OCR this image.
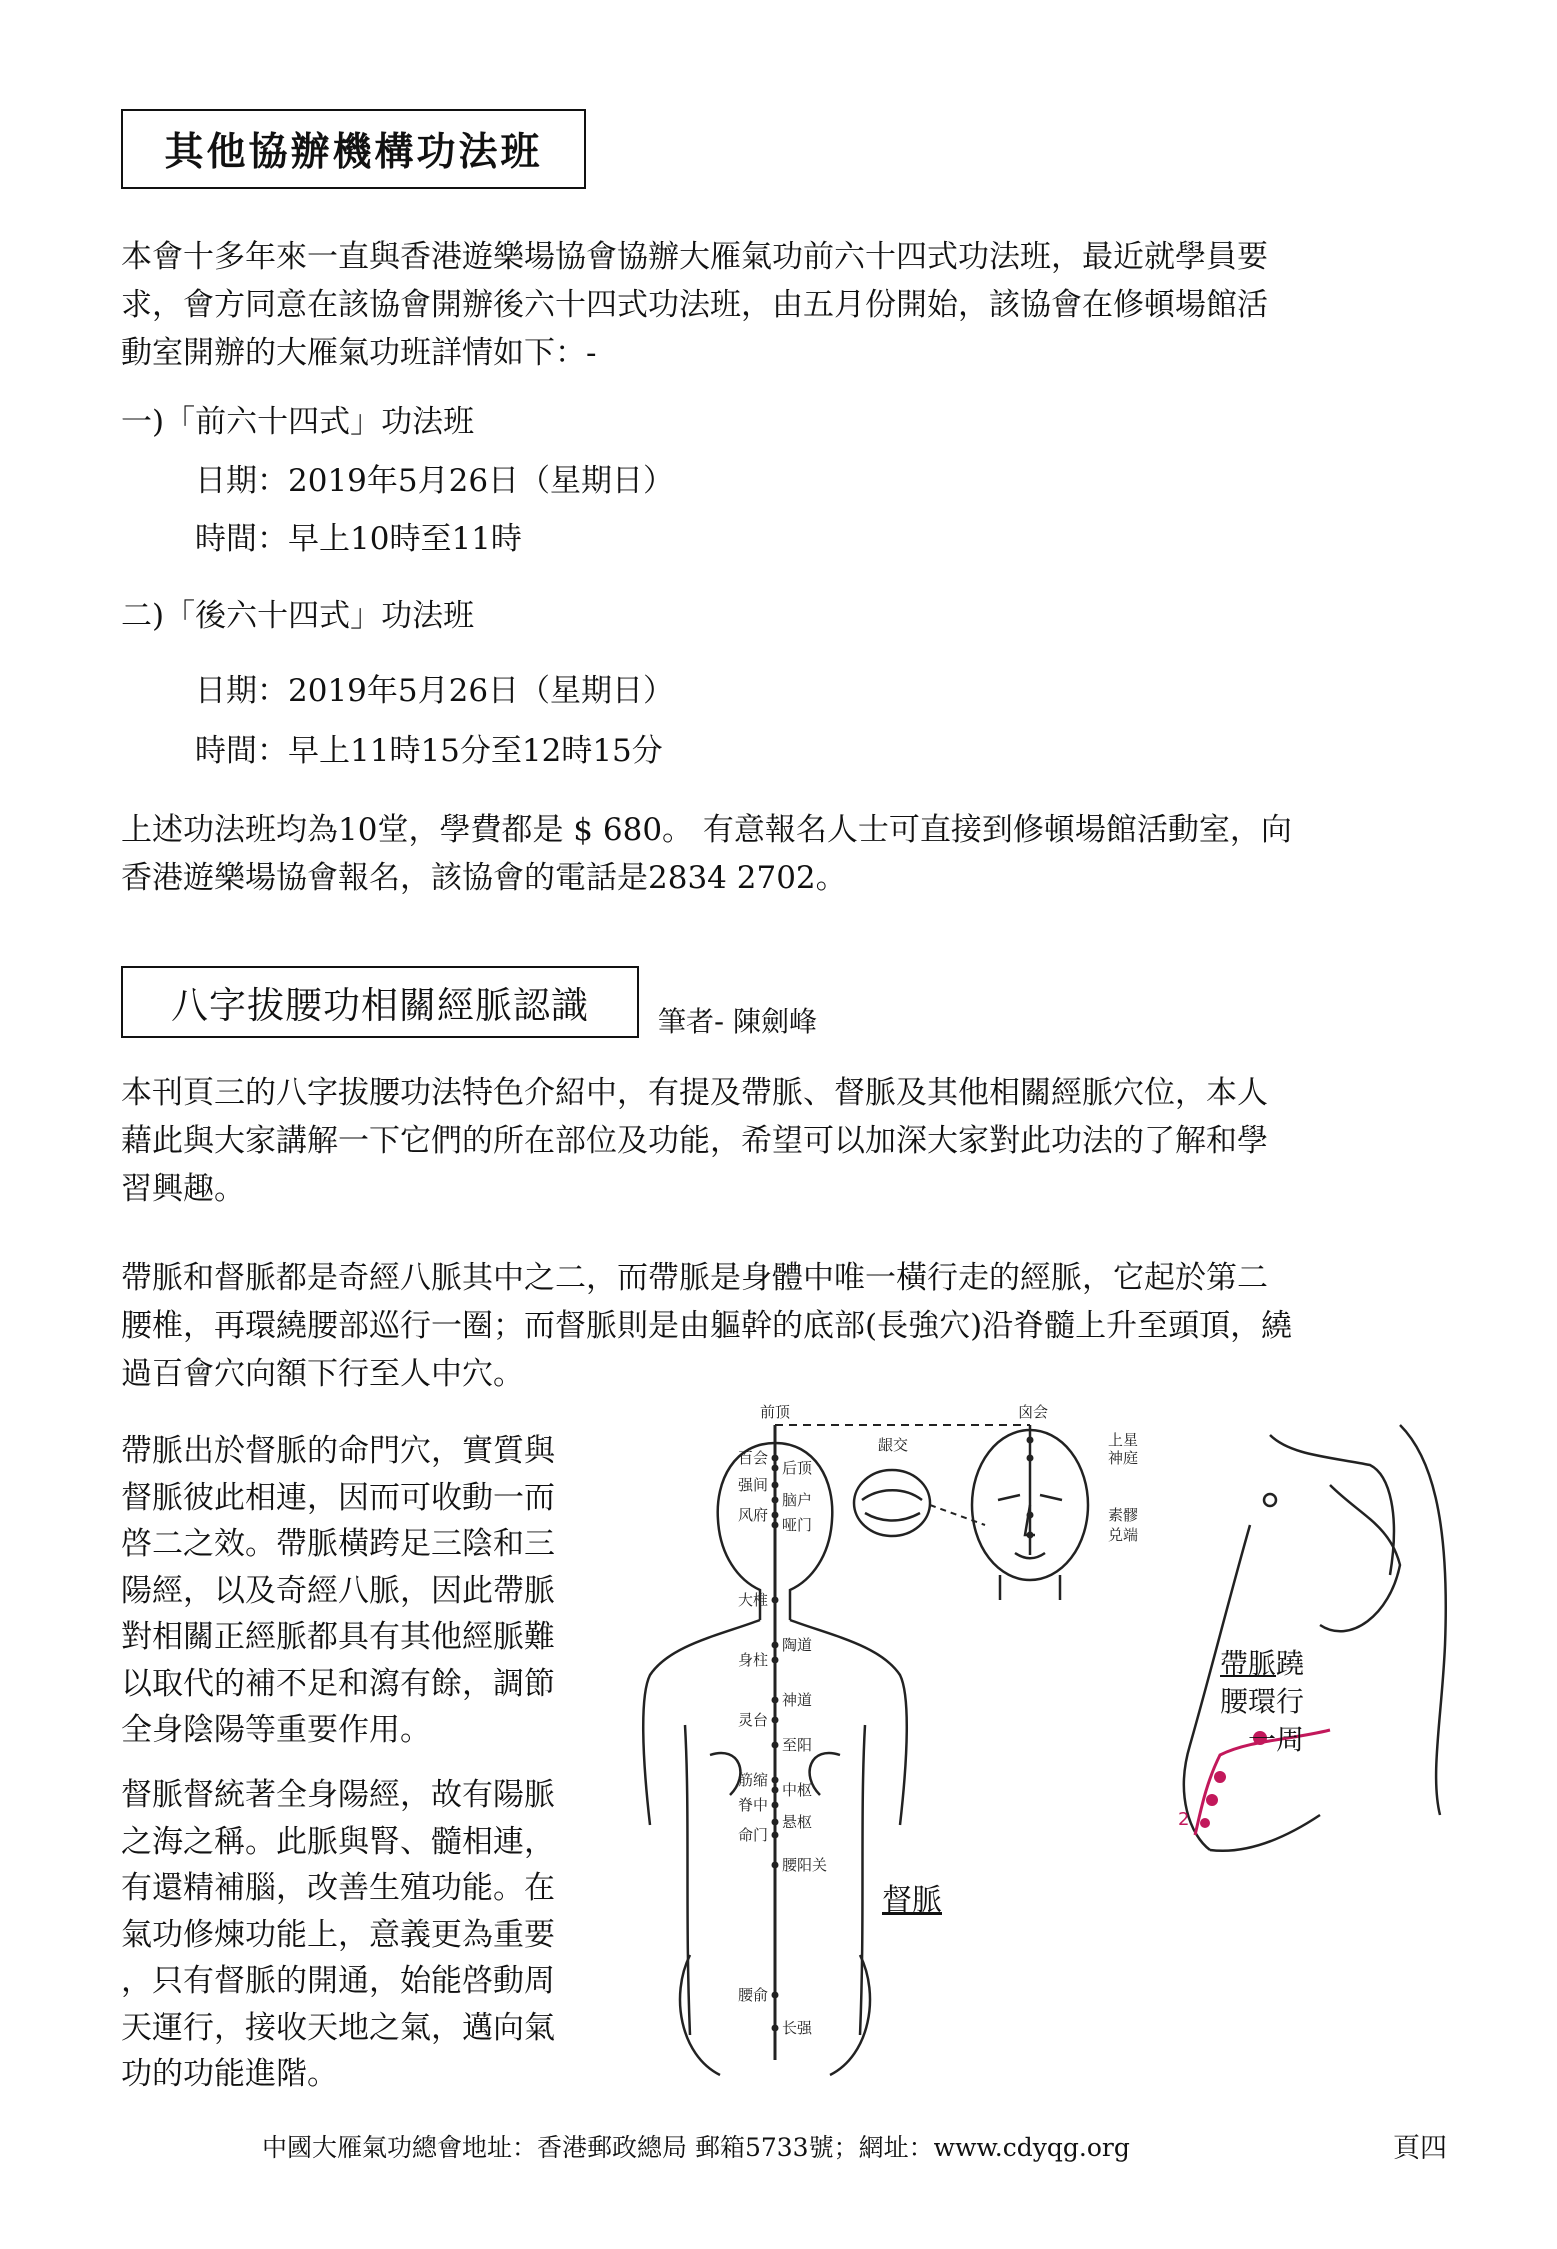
其他協辦機構功法班
本會十多年來一直與香港遊樂場協會協辦大雁氣功前六十四式功法班，最近就學員要
求，會方同意在該協會開辦後六十四式功法班，由五月份開始，該協會在修頓場館活
動室開辦的大雁氣功班詳情如下：-
一)「前六十四式」功法班
日期：2019年5月26日（星期日）
時間：早上10時至11時
二)「後六十四式」功法班
日期：2019年5月26日（星期日）
時間：早上11時15分至12時15分
上述功法班均為10堂，學費都是 $ 680。 有意報名人士可直接到修頓場館活動室，向
香港遊樂場協會報名，該協會的電話是2834 2702。
八字拔腰功相關經脈認識 筆者- 陳劍峰
本刊頁三的八字拔腰功法特色介紹中，有提及帶脈、督脈及其他相關經脈穴位，本人
藉此與大家講解一下它們的所在部位及功能，希望可以加深大家對此功法的了解和學
習興趣。
帶脈和督脈都是奇經八脈其中之二，而帶脈是身體中唯一橫行走的經脈，它起於第二
腰椎，再環繞腰部巡行一圈；而督脈則是由軀幹的底部(長強穴)沿脊髓上升至頭頂，繞
過百會穴向額下行至人中穴。
帶脈出於督脈的命門穴，實質與
督脈彼此相連，因而可收動一而
啓二之效。帶脈橫跨足三陰和三
陽經，以及奇經八脈，因此帶脈
對相關正經脈都具有其他經脈難
以取代的補不足和瀉有餘，調節
全身陰陽等重要作用。
督脈督統著全身陽經，故有陽脈
之海之稱。此脈與腎、髓相連，
有還精補腦，改善生殖功能。在
氣功修煉功能上，意義更為重要
，只有督脈的開通，始能啓動周
天運行，接收天地之氣，邁向氣
功的功能進階。
2
百会
强间
风府
大椎
身柱
灵台
筋缩
脊中
命门
腰俞
后顶
脑户
哑门
陶道
神道
至阳
中枢
悬枢
腰阳关
长强
前顶	囟会
上星
神庭
素髎
兑端
龈交
督脈
帶脈蹺
腰環行
一周
中國大雁氣功總會地址：香港郵政總局 郵箱5733號；網址：www.cdyqg.org	頁四
